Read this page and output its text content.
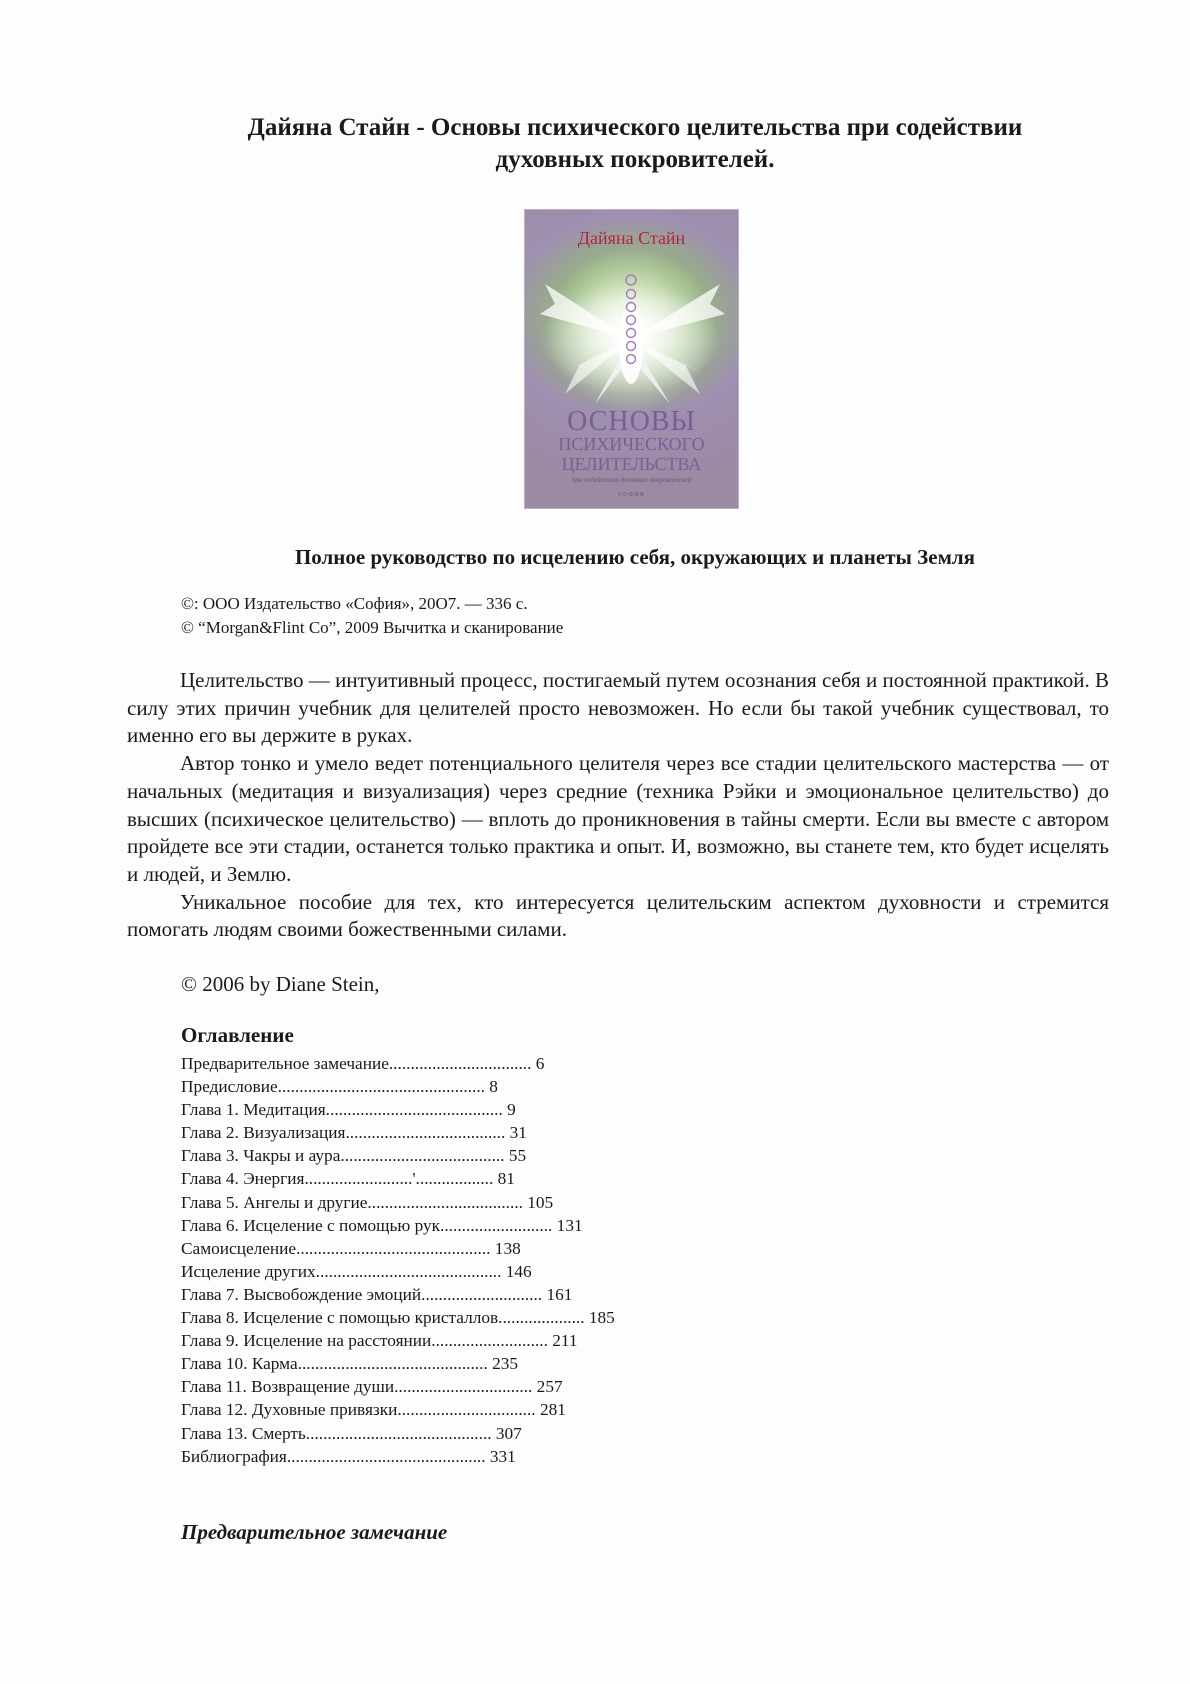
Дайяна Стайн - Основы психического целительства при содействии
духовных покровителей.
Дайяна Стайн
ОСНОВЫ
ПСИХИЧЕСКОГО
ЦЕЛИТЕЛЬСТВА
при содействии духовных покровителей
СОФИЯ
Полное руководство по исцелению себя, окружающих и планеты Земля
©: ООО Издательство «София», 20О7. — 336 с.
© “Morgan&Flint Co”, 2009 Вычитка и сканирование

Целительство — интуитивный процесс, постигаемый путем осознания себя и постоянной практикой. В силу этих причин учебник для целителей просто невозможен. Но если бы такой учебник существовал, то именно его вы держите в руках.

Автор тонко и умело ведет потенциального целителя через все стадии целительского мастерства — от начальных (медитация и визуализация) через средние (техника Рэйки и эмоциональное целительство) до высших (психическое целительство) — вплоть до проникновения в тайны смерти. Если вы вместе с автором пройдете все эти стадии, останется только практика и опыт. И, возможно, вы станете тем, кто будет исцелять и людей, и Землю.

Уникальное пособие для тех, кто интересуется целительским аспектом духовности и стремится помогать людям своими божественными силами.

© 2006 by Diane Stein,
Оглавление
Предварительное замечание................................. 6
Предисловие................................................ 8
Глава 1. Медитация......................................... 9
Глава 2. Визуализация..................................... 31
Глава 3. Чакры и аура...................................... 55
Глава 4. Энергия.........................'.................. 81
Глава 5. Ангелы и другие.................................... 105
Глава 6. Исцеление с помощью рук.......................... 131
Самоисцеление............................................. 138
Исцеление других........................................... 146
Глава 7. Высвобождение эмоций............................ 161
Глава 8. Исцеление с помощью кристаллов.................... 185
Глава 9. Исцеление на расстоянии........................... 211
Глава 10. Карма............................................ 235
Глава 11. Возвращение души................................ 257
Глава 12. Духовные привязки................................ 281
Глава 13. Смерть........................................... 307
Библиография.............................................. 331
Предварительное замечание
